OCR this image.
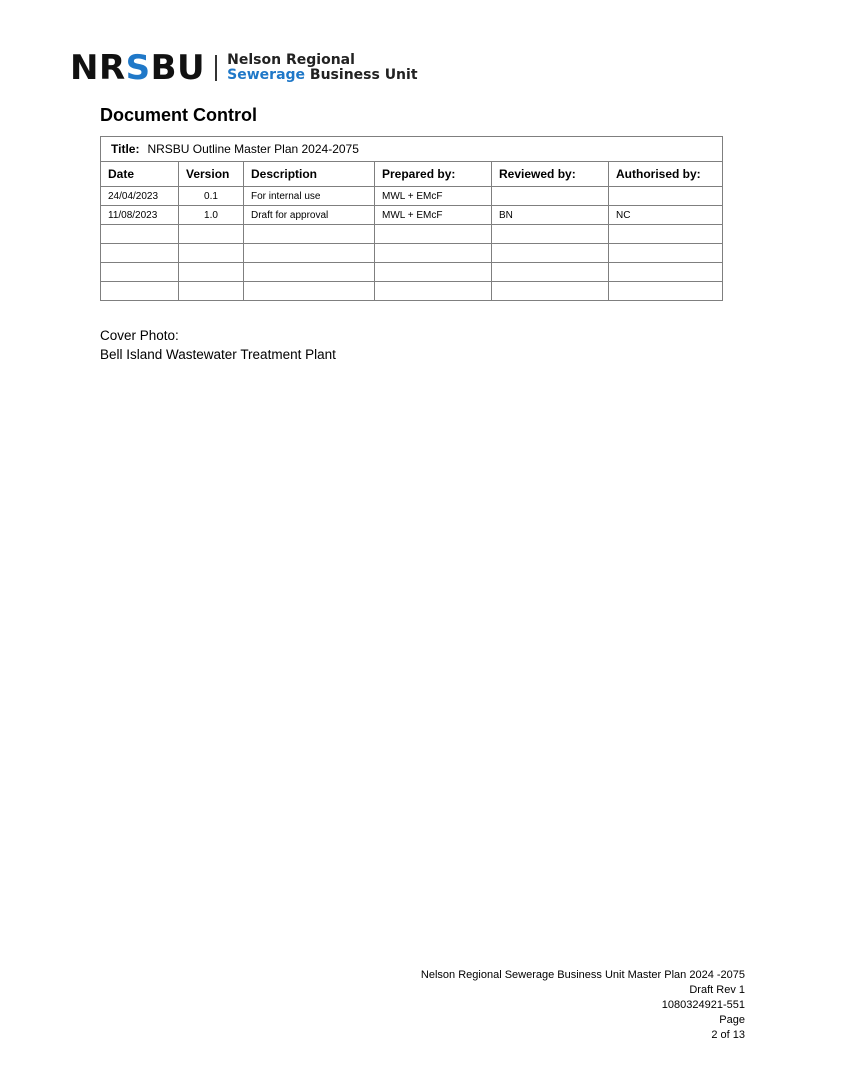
NRSBU Nelson Regional
Sewerage Business Unit
Document Control
Title: NRSBU Outline Master Plan 2024-2075					
Date	Version	Description	Prepared by:	Reviewed by:	Authorised by:
24/04/2023	0.1	For internal use	MWL + EMcF		
11/08/2023	1.0	Draft for approval	MWL + EMcF	BN	NC

Cover Photo:
Bell Island Wastewater Treatment Plant
Nelson Regional Sewerage Business Unit Master Plan 2024 -2075
Draft Rev 1
1080324921-551
Page
2 of 13
